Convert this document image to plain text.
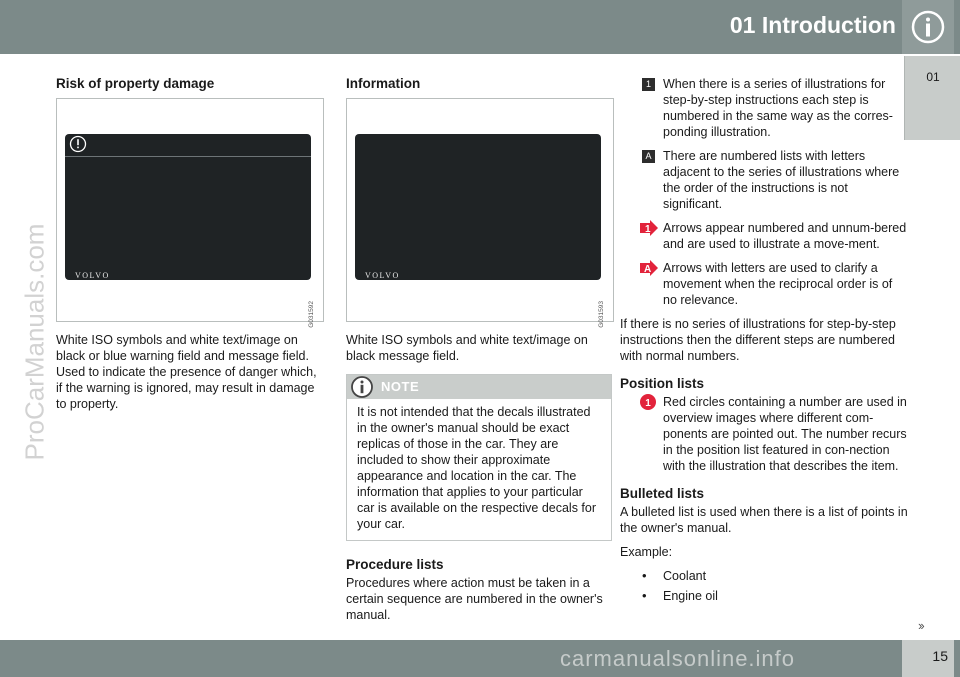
01 Introduction
01
ProCarManuals.com
Risk of property damage
VOLVO
G031592

White ISO symbols and white text/image on black or blue warning field and message field. Used to indicate the presence of danger which, if the warning is ignored, may result in damage to property.

Information
VOLVO
G031593

White ISO symbols and white text/image on black message field.

NOTE
It is not intended that the decals illustrated in the owner's manual should be exact replicas of those in the car. They are included to show their approximate appearance and location in the car. The information that applies to your particular car is available on the respective decals for your car.
Procedure lists

Procedures where action must be taken in a certain sequence are numbered in the owner's manual.

1 When there is a series of illustrations for step-by-step instructions each step is numbered in the same way as the corres-ponding illustration.
A There are numbered lists with letters adjacent to the series of illustrations where the order of the instructions is not significant.
1 Arrows appear numbered and unnum-bered and are used to illustrate a move-ment.
A Arrows with letters are used to clarify a movement when the reciprocal order is of no relevance.

If there is no series of illustrations for step-by-step instructions then the different steps are numbered with normal numbers.

Position lists
1 Red circles containing a number are used in overview images where different com-ponents are pointed out. The number recurs in the position list featured in con-nection with the illustration that describes the item.
Bulleted lists

A bulleted list is used when there is a list of points in the owner's manual.

Example:

• Coolant
• Engine oil
››
15
carmanualsonline.info
